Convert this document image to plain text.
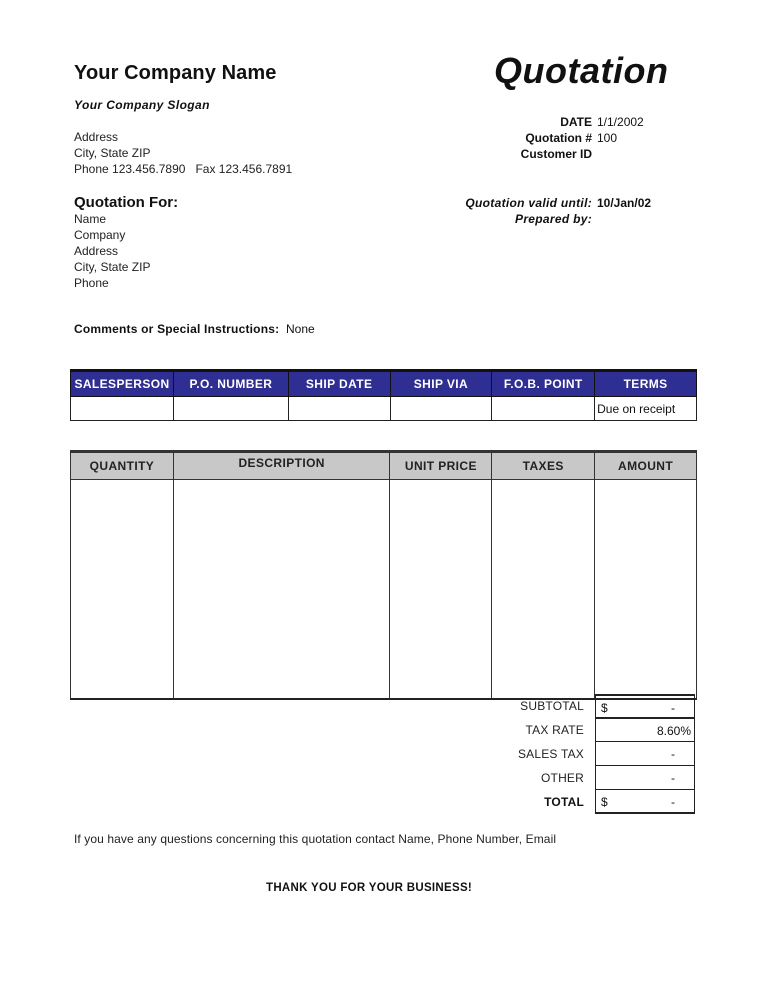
Your Company Name	Quotation
Your Company Slogan
Address
City, State ZIP
Phone 123.456.7890   Fax 123.456.7891
DATE 1/1/2002
Quotation # 100
Customer ID
Quotation For:
Name
Company
Address
City, State ZIP
Phone
Quotation valid until: 10/Jan/02
Prepared by:
Comments or Special Instructions: None
SALESPERSON	P.O. NUMBER	SHIP DATE	SHIP VIA	F.O.B. POINT	TERMS
					Due on receipt
QUANTITY	DESCRIPTION	UNIT PRICE	TAXES	AMOUNT

SUBTOTAL $	-
TAX RATE	8.60%
SALES TAX	-
OTHER	-
TOTAL $	-
If you have any questions concerning this quotation contact Name, Phone Number, Email
THANK YOU FOR YOUR BUSINESS!
